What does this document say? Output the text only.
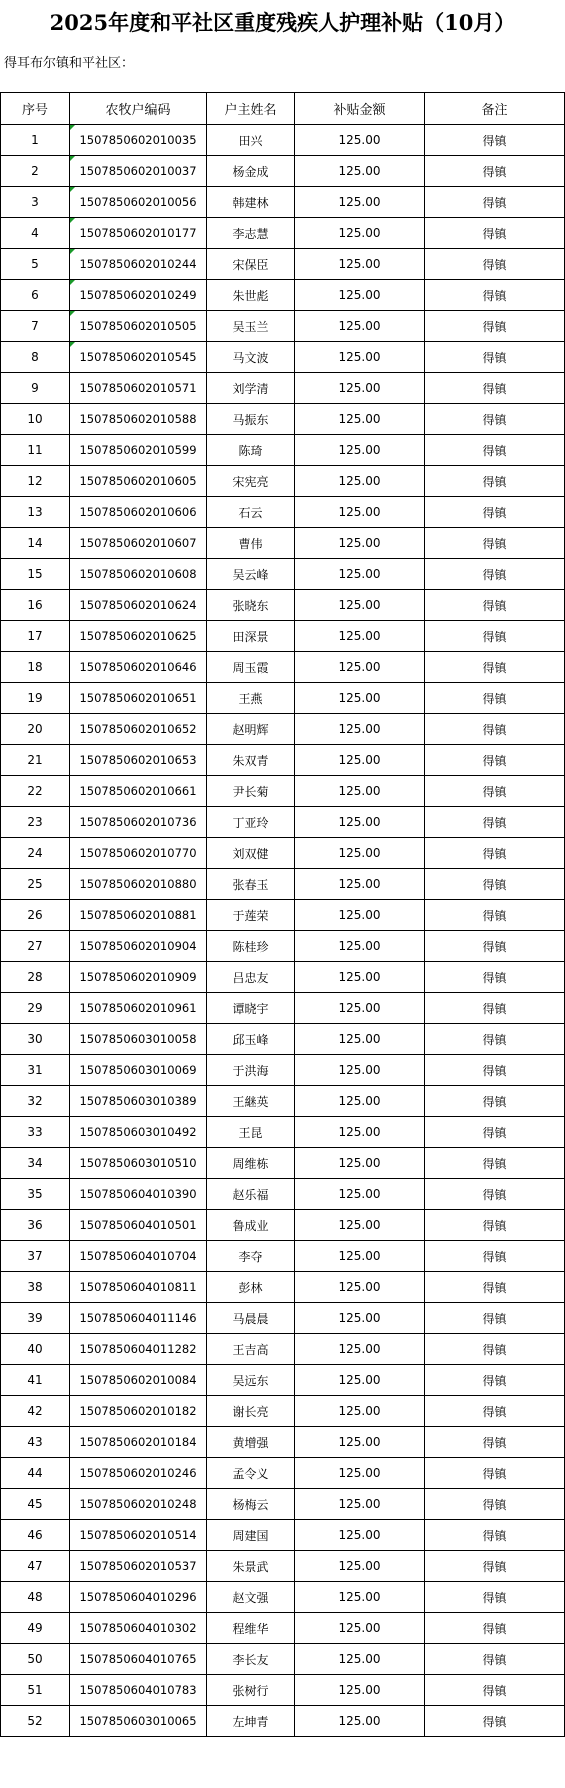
2025年度和平社区重度残疾人护理补贴（10月）
得耳布尔镇和平社区：
序号	农牧户编码	户主姓名	补贴金额	备注
1	1507850602010035	田兴	125.00	得镇
2	1507850602010037	杨金成	125.00	得镇
3	1507850602010056	韩建林	125.00	得镇
4	1507850602010177	李志慧	125.00	得镇
5	1507850602010244	宋保臣	125.00	得镇
6	1507850602010249	朱世彪	125.00	得镇
7	1507850602010505	吴玉兰	125.00	得镇
8	1507850602010545	马文波	125.00	得镇
9	1507850602010571	刘学清	125.00	得镇
10	1507850602010588	马振东	125.00	得镇
11	1507850602010599	陈琦	125.00	得镇
12	1507850602010605	宋宪亮	125.00	得镇
13	1507850602010606	石云	125.00	得镇
14	1507850602010607	曹伟	125.00	得镇
15	1507850602010608	吴云峰	125.00	得镇
16	1507850602010624	张晓东	125.00	得镇
17	1507850602010625	田深景	125.00	得镇
18	1507850602010646	周玉霞	125.00	得镇
19	1507850602010651	王燕	125.00	得镇
20	1507850602010652	赵明辉	125.00	得镇
21	1507850602010653	朱双青	125.00	得镇
22	1507850602010661	尹长菊	125.00	得镇
23	1507850602010736	丁亚玲	125.00	得镇
24	1507850602010770	刘双健	125.00	得镇
25	1507850602010880	张春玉	125.00	得镇
26	1507850602010881	于莲荣	125.00	得镇
27	1507850602010904	陈桂珍	125.00	得镇
28	1507850602010909	吕忠友	125.00	得镇
29	1507850602010961	谭晓宇	125.00	得镇
30	1507850603010058	邱玉峰	125.00	得镇
31	1507850603010069	于洪海	125.00	得镇
32	1507850603010389	王継英	125.00	得镇
33	1507850603010492	王昆	125.00	得镇
34	1507850603010510	周维栋	125.00	得镇
35	1507850604010390	赵乐福	125.00	得镇
36	1507850604010501	鲁成业	125.00	得镇
37	1507850604010704	李夺	125.00	得镇
38	1507850604010811	彭林	125.00	得镇
39	1507850604011146	马晨晨	125.00	得镇
40	1507850604011282	王吉高	125.00	得镇
41	1507850602010084	吴远东	125.00	得镇
42	1507850602010182	谢长亮	125.00	得镇
43	1507850602010184	黄增强	125.00	得镇
44	1507850602010246	孟令义	125.00	得镇
45	1507850602010248	杨梅云	125.00	得镇
46	1507850602010514	周建国	125.00	得镇
47	1507850602010537	朱景武	125.00	得镇
48	1507850604010296	赵文强	125.00	得镇
49	1507850604010302	程维华	125.00	得镇
50	1507850604010765	李长友	125.00	得镇
51	1507850604010783	张树行	125.00	得镇
52	1507850603010065	左坤青	125.00	得镇
